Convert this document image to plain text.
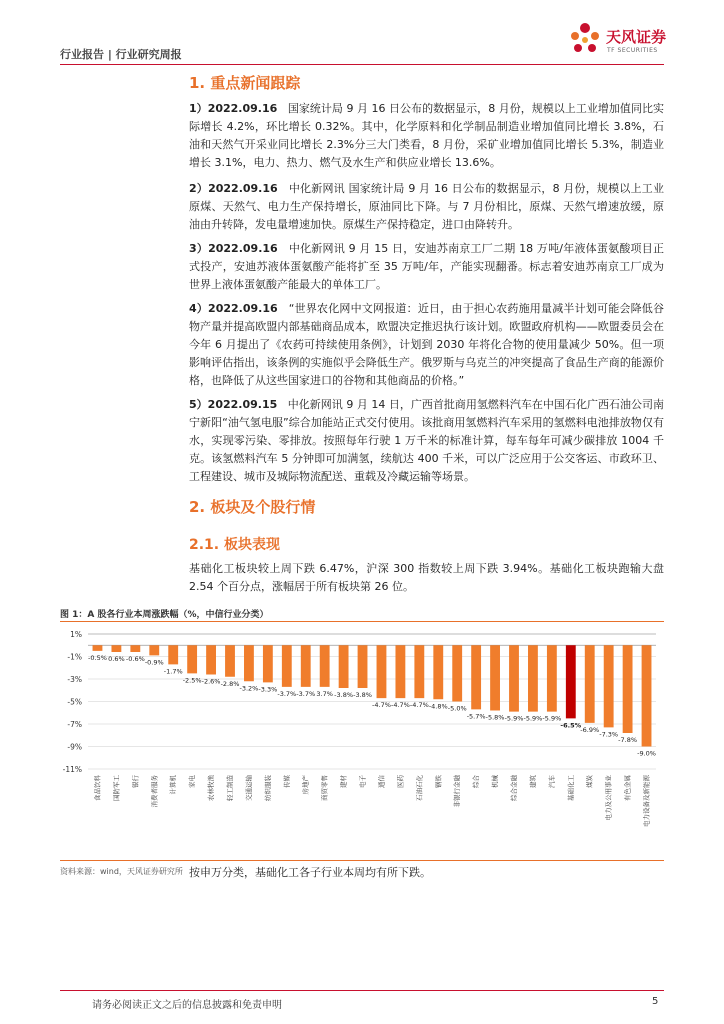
行业报告 | 行业研究周报
天风证券
TF SECURITIES
1. 重点新闻跟踪
1）2022.09.16 国家统计局 9 月 16 日公布的数据显示，8 月份，规模以上工业增加值同比实际增长 4.2%，环比增长 0.32%。其中，化学原料和化学制品制造业增加值同比增长 3.8%，石油和天然气开采业同比增长 2.3%分三大门类看，8 月份，采矿业增加值同比增长 5.3%，制造业增长 3.1%，电力、热力、燃气及水生产和供应业增长 13.6%。
2）2022.09.16 中化新网讯 国家统计局 9 月 16 日公布的数据显示，8 月份，规模以上工业原煤、天然气、电力生产保持增长，原油同比下降。与 7 月份相比，原煤、天然气增速放缓，原油由升转降，发电量增速加快。原煤生产保持稳定，进口由降转升。
3）2022.09.16 中化新网讯 9 月 15 日，安迪苏南京工厂二期 18 万吨/年液体蛋氨酸项目正式投产，安迪苏液体蛋氨酸产能将扩至 35 万吨/年，产能实现翻番。标志着安迪苏南京工厂成为世界上液体蛋氨酸产能最大的单体工厂。
4）2022.09.16 “世界农化网中文网报道：近日，由于担心农药施用量减半计划可能会降低谷物产量并提高欧盟内部基础商品成本，欧盟决定推迟执行该计划。欧盟政府机构——欧盟委员会在今年 6 月提出了《农药可持续使用条例》，计划到 2030 年将化合物的使用量减少 50%。但一项影响评估指出，该条例的实施似乎会降低生产。俄罗斯与乌克兰的冲突提高了食品生产商的能源价格，也降低了从这些国家进口的谷物和其他商品的价格。”
5）2022.09.15 中化新网讯 9 月 14 日，广西首批商用氢燃料汽车在中国石化广西石油公司南宁新阳“油气氢电服”综合加能站正式交付使用。该批商用氢燃料汽车采用的氢燃料电池排放物仅有水，实现零污染、零排放。按照每年行驶 1 万千米的标准计算，每车每年可减少碳排放 1004 千克。该氢燃料汽车 5 分钟即可加满氢，续航达 400 千米，可以广泛应用于公交客运、市政环卫、工程建设、城市及城际物流配送、重载及冷藏运输等场景。
2. 板块及个股行情
2.1. 板块表现
基础化工板块较上周下跌 6.47%，沪深 300 指数较上周下跌 3.94%。基础化工板块跑输大盘 2.54 个百分点，涨幅居于所有板块第 26 位。
图 1：A 股各行业本周涨跌幅（%，中信行业分类）
-0.5% 0.6% -0.6% -0.9%
-1.7%
-2.5% -2.6% -2.8%
-3.2% -3.3%
-3.7% -3.7% 3.7% -3.8% -3.8%
-4.7% -4.7% -4.7% -4.8% -5.0%
-5.7% -5.8% -5.9% -5.9% -5.9%
-6.5%
-6.9%
-7.3%
-7.8%
-9.0%
1%
-1%
-3%
-5%
-7%
-9%
-11%
食品饮料 国防军工 银行 消费者服务 计算机 家电 农林牧渔 轻工制造 交通运输 纺织服装 传媒 房地产 商贸零售 建材 电子 通信 医药 石油石化 钢铁 非银行金融 综合 机械 综合金融 建筑 汽车 基础化工 煤炭 电力及公用事业 有色金属 电力设备及新能源
资料来源：wind，天风证券研究所 按申万分类，基础化工各子行业本周均有所下跌。
请务必阅读正文之后的信息披露和免责申明	5
